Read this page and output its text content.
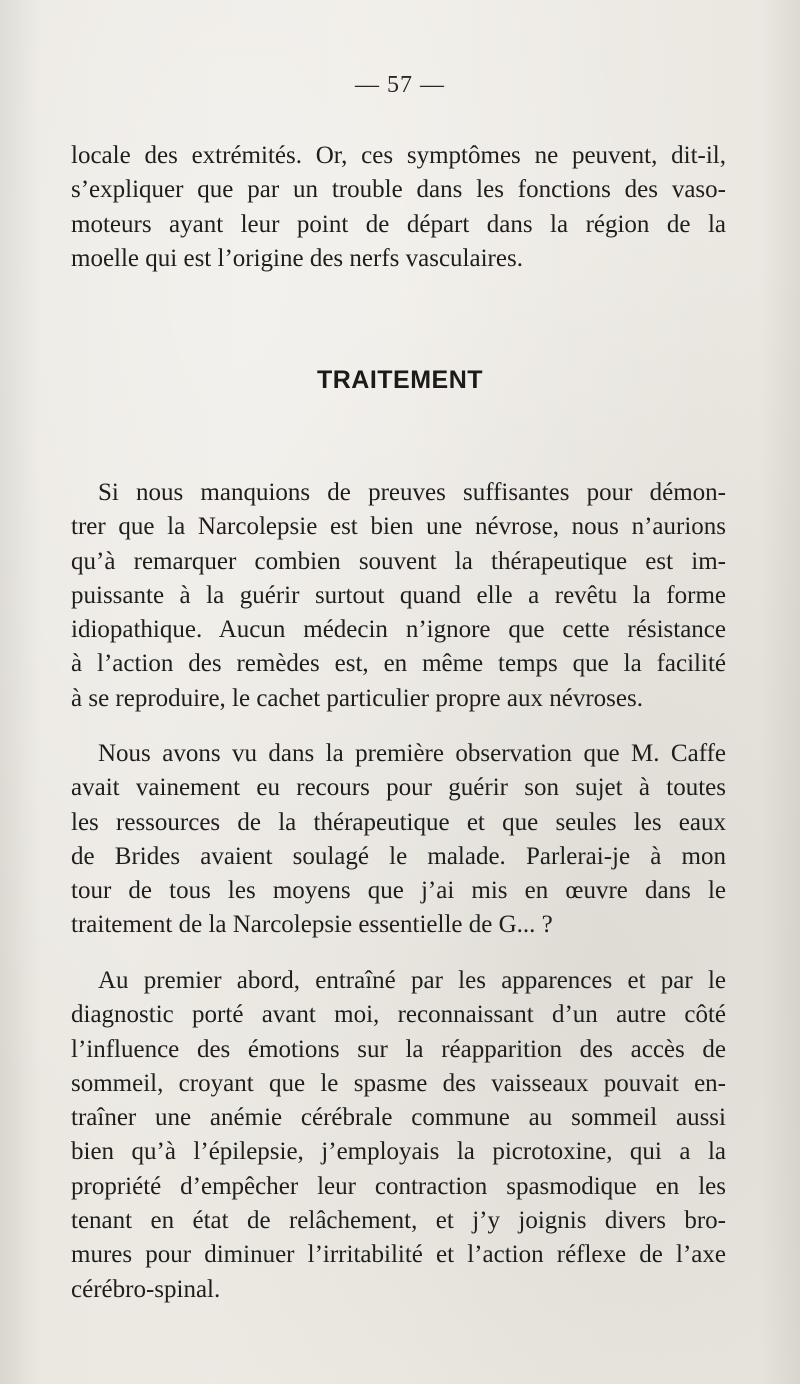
— 57 —
locale des extrémités. Or, ces symptômes ne peuvent, dit-il,
s’expliquer que par un trouble dans les fonctions des vaso-
moteurs ayant leur point de départ dans la région de la
moelle qui est l’origine des nerfs vasculaires.
TRAITEMENT
Si nous manquions de preuves suffisantes pour démon-
trer que la Narcolepsie est bien une névrose, nous n’aurions
qu’à remarquer combien souvent la thérapeutique est im-
puissante à la guérir surtout quand elle a revêtu la forme
idiopathique. Aucun médecin n’ignore que cette résistance
à l’action des remèdes est, en même temps que la facilité
à se reproduire, le cachet particulier propre aux névroses.
Nous avons vu dans la première observation que M. Caffe
avait vainement eu recours pour guérir son sujet à toutes
les ressources de la thérapeutique et que seules les eaux
de Brides avaient soulagé le malade. Parlerai-je à mon
tour de tous les moyens que j’ai mis en œuvre dans le
traitement de la Narcolepsie essentielle de G... ?
Au premier abord, entraîné par les apparences et par le
diagnostic porté avant moi, reconnaissant d’un autre côté
l’influence des émotions sur la réapparition des accès de
sommeil, croyant que le spasme des vaisseaux pouvait en-
traîner une anémie cérébrale commune au sommeil aussi
bien qu’à l’épilepsie, j’employais la picrotoxine, qui a la
propriété d’empêcher leur contraction spasmodique en les
tenant en état de relâchement, et j’y joignis divers bro-
mures pour diminuer l’irritabilité et l’action réflexe de l’axe
cérébro-spinal.
